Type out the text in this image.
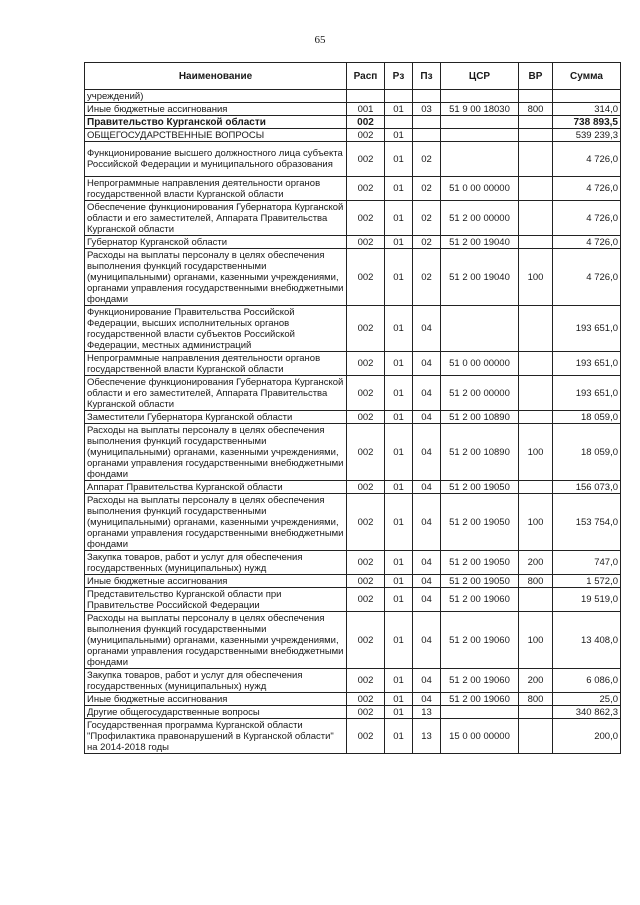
65
Наименование	Расп	Рз	Пз	ЦСР	ВР	Сумма
учреждений)						
Иные бюджетные ассигнования	001	01	03	51 9 00 18030	800	314,0
Правительство Курганской области	002					738 893,5
ОБЩЕГОСУДАРСТВЕННЫЕ ВОПРОСЫ	002	01				539 239,3
Функционирование высшего должностного лица субъекта Российской Федерации и муниципального образования	002	01	02			4 726,0
Непрограммные направления деятельности органов государственной власти Курганской области	002	01	02	51 0 00 00000		4 726,0
Обеспечение функционирования Губернатора Курганской области и его заместителей, Аппарата Правительства Курганской области	002	01	02	51 2 00 00000		4 726,0
Губернатор Курганской области	002	01	02	51 2 00 19040		4 726,0
Расходы на выплаты персоналу в целях обеспечения выполнения функций государственными (муниципальными) органами, казенными учреждениями, органами управления государственными внебюджетными фондами	002	01	02	51 2 00 19040	100	4 726,0
Функционирование Правительства Российской Федерации, высших исполнительных органов государственной власти субъектов Российской Федерации, местных администраций	002	01	04			193 651,0
Непрограммные направления деятельности органов государственной власти Курганской области	002	01	04	51 0 00 00000		193 651,0
Обеспечение функционирования Губернатора Курганской области и его заместителей, Аппарата Правительства Курганской области	002	01	04	51 2 00 00000		193 651,0
Заместители Губернатора Курганской области	002	01	04	51 2 00 10890		18 059,0
Расходы на выплаты персоналу в целях обеспечения выполнения функций государственными (муниципальными) органами, казенными учреждениями, органами управления государственными внебюджетными фондами	002	01	04	51 2 00 10890	100	18 059,0
Аппарат Правительства Курганской области	002	01	04	51 2 00 19050		156 073,0
Расходы на выплаты персоналу в целях обеспечения выполнения функций государственными (муниципальными) органами, казенными учреждениями, органами управления государственными внебюджетными фондами	002	01	04	51 2 00 19050	100	153 754,0
Закупка товаров, работ и услуг для обеспечения государственных (муниципальных) нужд	002	01	04	51 2 00 19050	200	747,0
Иные бюджетные ассигнования	002	01	04	51 2 00 19050	800	1 572,0
Представительство Курганской области при Правительстве Российской Федерации	002	01	04	51 2 00 19060		19 519,0
Расходы на выплаты персоналу в целях обеспечения выполнения функций государственными (муниципальными) органами, казенными учреждениями, органами управления государственными внебюджетными фондами	002	01	04	51 2 00 19060	100	13 408,0
Закупка товаров, работ и услуг для обеспечения государственных (муниципальных) нужд	002	01	04	51 2 00 19060	200	6 086,0
Иные бюджетные ассигнования	002	01	04	51 2 00 19060	800	25,0
Другие общегосударственные вопросы	002	01	13			340 862,3
Государственная программа Курганской области "Профилактика правонарушений в Курганской области" на 2014-2018 годы	002	01	13	15 0 00 00000		200,0
